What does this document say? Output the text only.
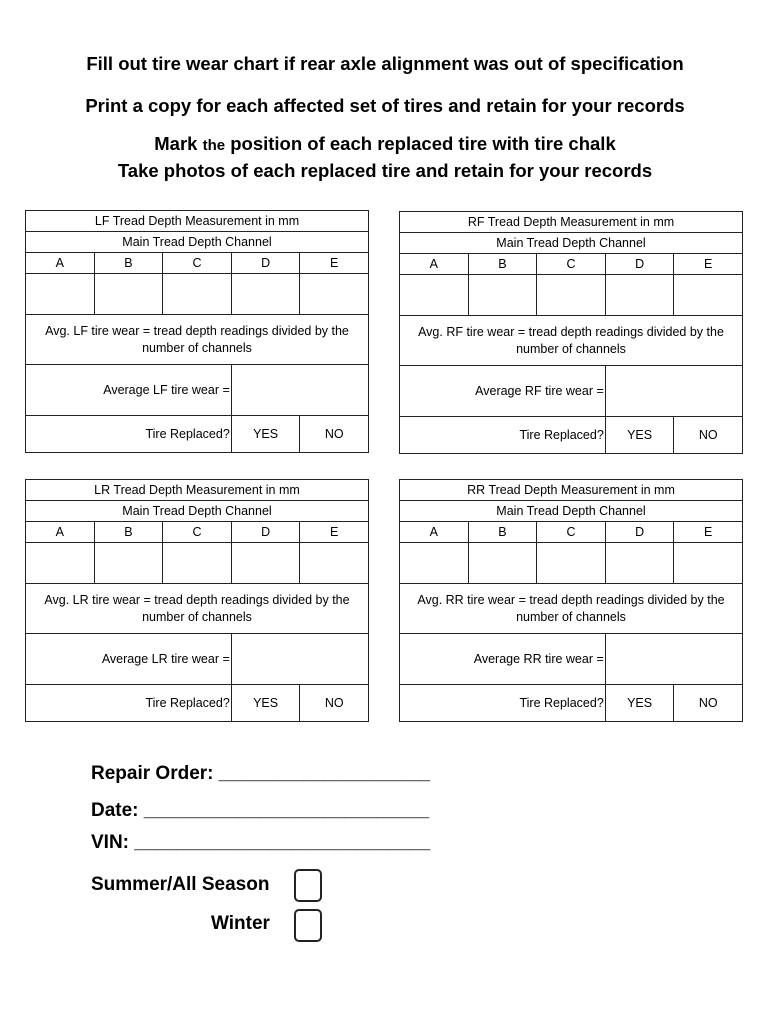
Fill out tire wear chart if rear axle alignment was out of specification
Print a copy for each affected set of tires and retain for your records
Mark the position of each replaced tire with tire chalk
Take photos of each replaced tire and retain for your records
LF Tread Depth Measurement in mm				
Main Tread Depth Channel				
A	B	C	D	E

Avg. LF tire wear = tread depth readings divided by the number of channels				
Average LF tire wear =				
Tire Replaced?			YES	NO
RF Tread Depth Measurement in mm				
Main Tread Depth Channel				
A	B	C	D	E

Avg. RF tire wear = tread depth readings divided by the number of channels				
Average RF tire wear =				
Tire Replaced?			YES	NO
LR Tread Depth Measurement in mm				
Main Tread Depth Channel				
A	B	C	D	E

Avg. LR tire wear = tread depth readings divided by the number of channels				
Average LR tire wear =				
Tire Replaced?			YES	NO
RR Tread Depth Measurement in mm				
Main Tread Depth Channel				
A	B	C	D	E

Avg. RR tire wear = tread depth readings divided by the number of channels				
Average RR tire wear =				
Tire Replaced?			YES	NO
Repair Order: ____________________
Date: ___________________________
VIN: ____________________________
Summer/All Season
Winter
